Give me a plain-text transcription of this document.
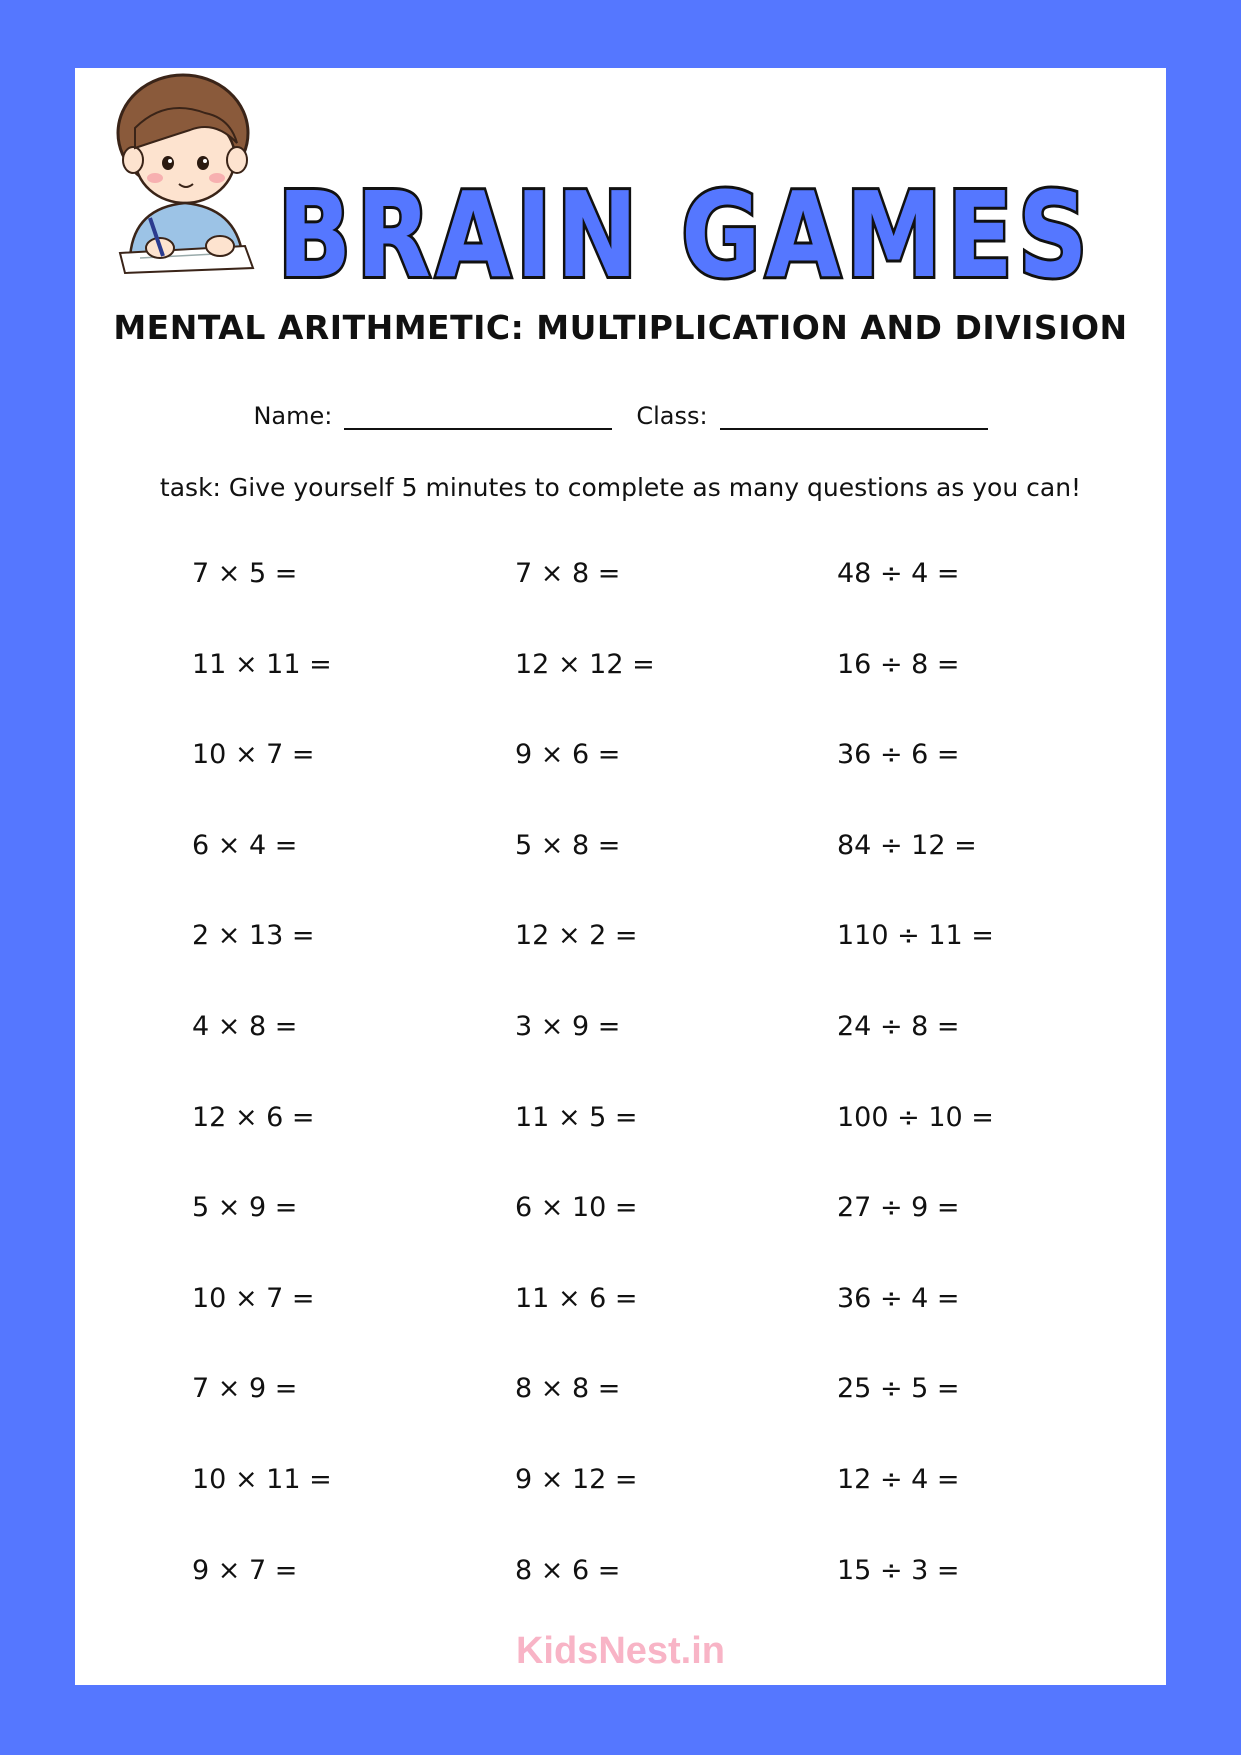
BRAIN GAMES
MENTAL ARITHMETIC: MULTIPLICATION AND DIVISION
Name:	Class:
task: Give yourself 5 minutes to complete as many questions as you can!
7 × 5 =	7 × 8 =	48 ÷ 4 =
11 × 11 =	12 × 12 =	16 ÷ 8 =
10 × 7 =	9 × 6 =	36 ÷ 6 =
6 × 4 =	5 × 8 =	84 ÷ 12 =
2 × 13 =	12 × 2 =	110 ÷ 11 =
4 × 8 =	3 × 9 =	24 ÷ 8 =
12 × 6 =	11 × 5 =	100 ÷ 10 =
5 × 9 =	6 × 10 =	27 ÷ 9 =
10 × 7 =	11 × 6 =	36 ÷ 4 =
7 × 9 =	8 × 8 =	25 ÷ 5 =
10 × 11 =	9 × 12 =	12 ÷ 4 =
9 × 7 =	8 × 6 =	15 ÷ 3 =
KidsNest.in
